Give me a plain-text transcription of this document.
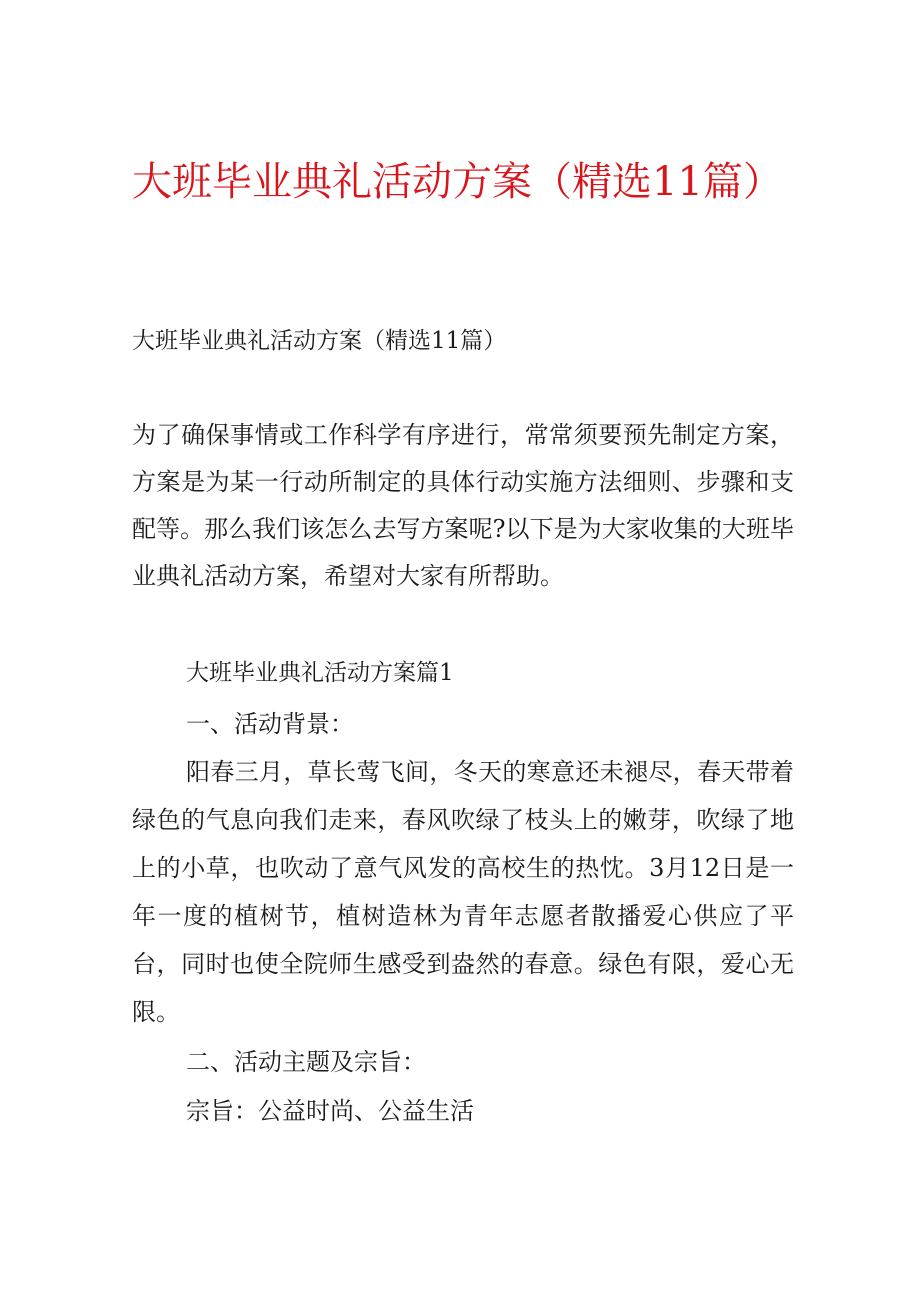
大班毕业典礼活动方案（精选11篇）

大班毕业典礼活动方案（精选11篇）

为了确保事情或工作科学有序进行，常常须要预先制定方案，方案是为某一行动所制定的具体行动实施方法细则、步骤和支配等。那么我们该怎么去写方案呢?以下是为大家收集的大班毕业典礼活动方案，希望对大家有所帮助。

大班毕业典礼活动方案篇1

一、活动背景：

阳春三月，草长莺飞间，冬天的寒意还未褪尽，春天带着绿色的气息向我们走来，春风吹绿了枝头上的嫩芽，吹绿了地上的小草，也吹动了意气风发的高校生的热忱。3月12日是一年一度的植树节，植树造林为青年志愿者散播爱心供应了平台，同时也使全院师生感受到盎然的春意。绿色有限，爱心无限。

二、活动主题及宗旨：

宗旨：公益时尚、公益生活
